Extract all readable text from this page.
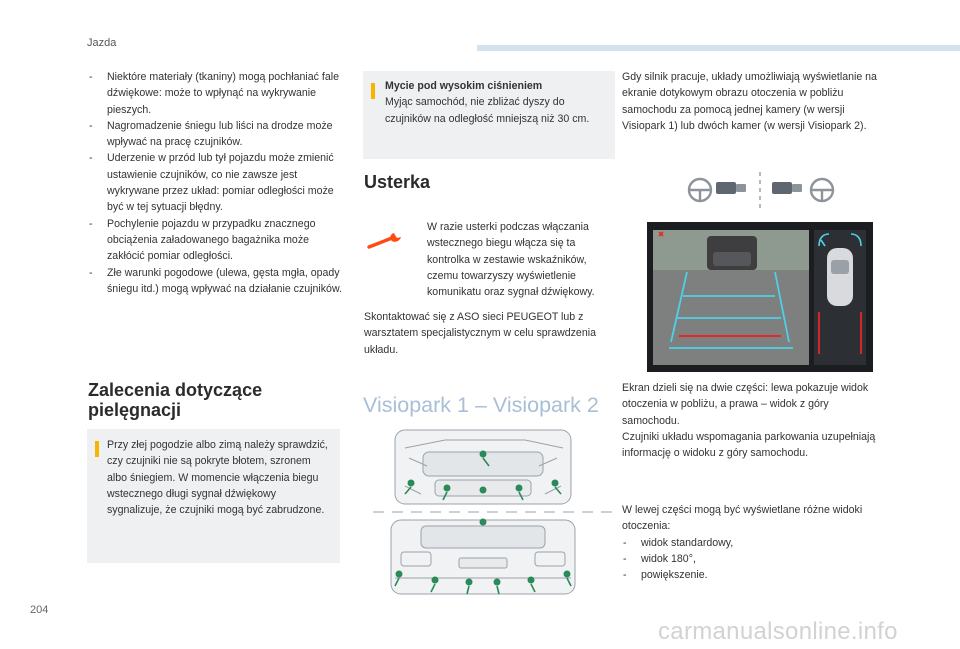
Jazda
- Niektóre materiały (tkaniny) mogą pochłaniać fale dźwiękowe: może to wpłynąć na wykrywanie pieszych.
- Nagromadzenie śniegu lub liści na drodze może wpływać na pracę czujników.
- Uderzenie w przód lub tył pojazdu może zmienić ustawienie czujników, co nie zawsze jest wykrywane przez układ: pomiar odległości może być w tej sytuacji błędny.
- Pochylenie pojazdu w przypadku znacznego obciążenia załadowanego bagażnika może zakłócić pomiar odległości.
- Złe warunki pogodowe (ulewa, gęsta mgła, opady śniegu itd.) mogą wpływać na działanie czujników.
Zalecenia dotyczące pielęgnacji
Przy złej pogodzie albo zimą należy sprawdzić, czy czujniki nie są pokryte błotem, szronem albo śniegiem. W momencie włączenia biegu wstecznego długi sygnał dźwiękowy sygnalizuje, że czujniki mogą być zabrudzone.
Mycie pod wysokim ciśnieniem
Myjąc samochód, nie zbliżać dyszy do czujników na odległość mniejszą niż 30 cm.
Usterka
W razie usterki podczas włączania wstecznego biegu włącza się ta kontrolka w zestawie wskaźników, czemu towarzyszy wyświetlenie komunikatu oraz sygnał dźwiękowy.
Skontaktować się z ASO sieci PEUGEOT lub z warsztatem specjalistycznym w celu sprawdzenia układu.
Visiopark 1 – Visiopark 2
Gdy silnik pracuje, układy umożliwiają wyświetlanie na ekranie dotykowym obrazu otoczenia w pobliżu samochodu za pomocą jednej kamery (w wersji Visiopark 1) lub dwóch kamer (w wersji Visiopark 2).
Ekran dzieli się na dwie części: lewa pokazuje widok otoczenia w pobliżu, a prawa – widok z góry samochodu.
Czujniki układu wspomagania parkowania uzupełniają informację o widoku z góry samochodu.
W lewej części mogą być wyświetlane różne widoki otoczenia:
- widok standardowy,
- widok 180°,
- powiększenie.
204
carmanualsonline.info
